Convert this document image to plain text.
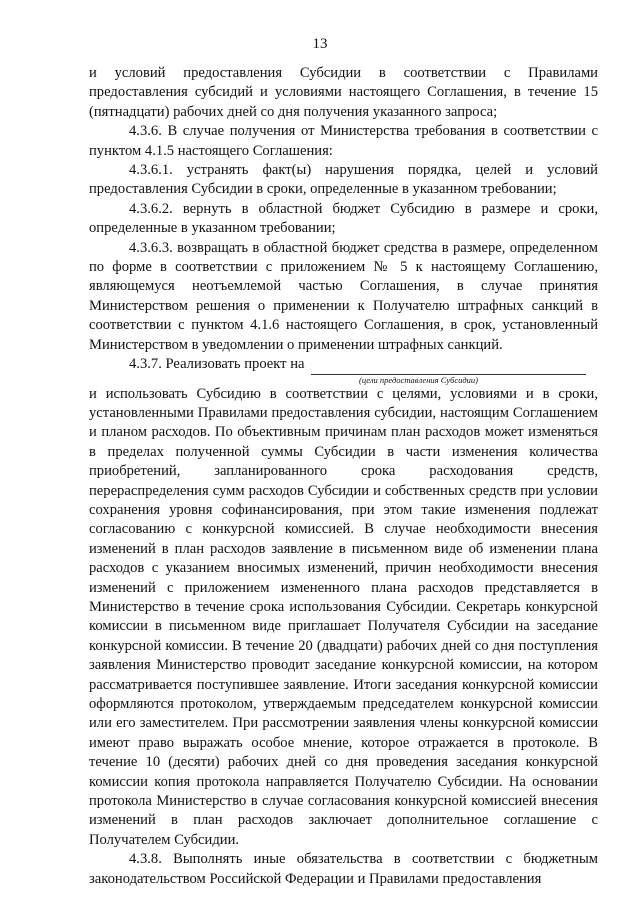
13

и условий предоставления Субсидии в соответствии с Правилами предоставления субсидий и условиями настоящего Соглашения, в течение 15 (пятнадцати) рабочих дней со дня получения указанного запроса;

4.3.6. В случае получения от Министерства требования в соответствии с пунктом 4.1.5 настоящего Соглашения:

4.3.6.1. устранять факт(ы) нарушения порядка, целей и условий предоставления Субсидии в сроки, определенные в указанном требовании;

4.3.6.2. вернуть в областной бюджет Субсидию в размере и сроки, определенные в указанном требовании;

4.3.6.3. возвращать в областной бюджет средства в размере, определенном по форме в соответствии с приложением № 5 к настоящему Соглашению, являющемуся неотъемлемой частью Соглашения, в случае принятия Министерством решения о применении к Получателю штрафных санкций в соответствии с пунктом 4.1.6 настоящего Соглашения, в срок, установленный Министерством в уведомлении о применении штрафных санкций.

4.3.7. Реализовать проект на

(цели предоставления Субсидии)

и использовать Субсидию в соответствии с целями, условиями и в сроки, установленными Правилами предоставления субсидии, настоящим Соглашением и планом расходов. По объективным причинам план расходов может изменяться в пределах полученной суммы Субсидии в части изменения количества приобретений, запланированного срока расходования средств, перераспределения сумм расходов Субсидии и собственных средств при условии сохранения уровня софинансирования, при этом такие изменения подлежат согласованию с конкурсной комиссией. В случае необходимости внесения изменений в план расходов заявление в письменном виде об изменении плана расходов с указанием вносимых изменений, причин необходимости внесения изменений с приложением измененного плана расходов представляется в Министерство в течение срока использования Субсидии. Секретарь конкурсной комиссии в письменном виде приглашает Получателя Субсидии на заседание конкурсной комиссии. В течение 20 (двадцати) рабочих дней со дня поступления заявления Министерство проводит заседание конкурсной комиссии, на котором рассматривается поступившее заявление. Итоги заседания конкурсной комиссии оформляются протоколом, утверждаемым председателем конкурсной комиссии или его заместителем. При рассмотрении заявления члены конкурсной комиссии имеют право выражать особое мнение, которое отражается в протоколе. В течение 10 (десяти) рабочих дней со дня проведения заседания конкурсной комиссии копия протокола направляется Получателю Субсидии. На основании протокола Министерство в случае согласования конкурсной комиссией внесения изменений в план расходов заключает дополнительное соглашение с Получателем Субсидии.

4.3.8. Выполнять иные обязательства в соответствии с бюджетным законодательством Российской Федерации и Правилами предоставления
